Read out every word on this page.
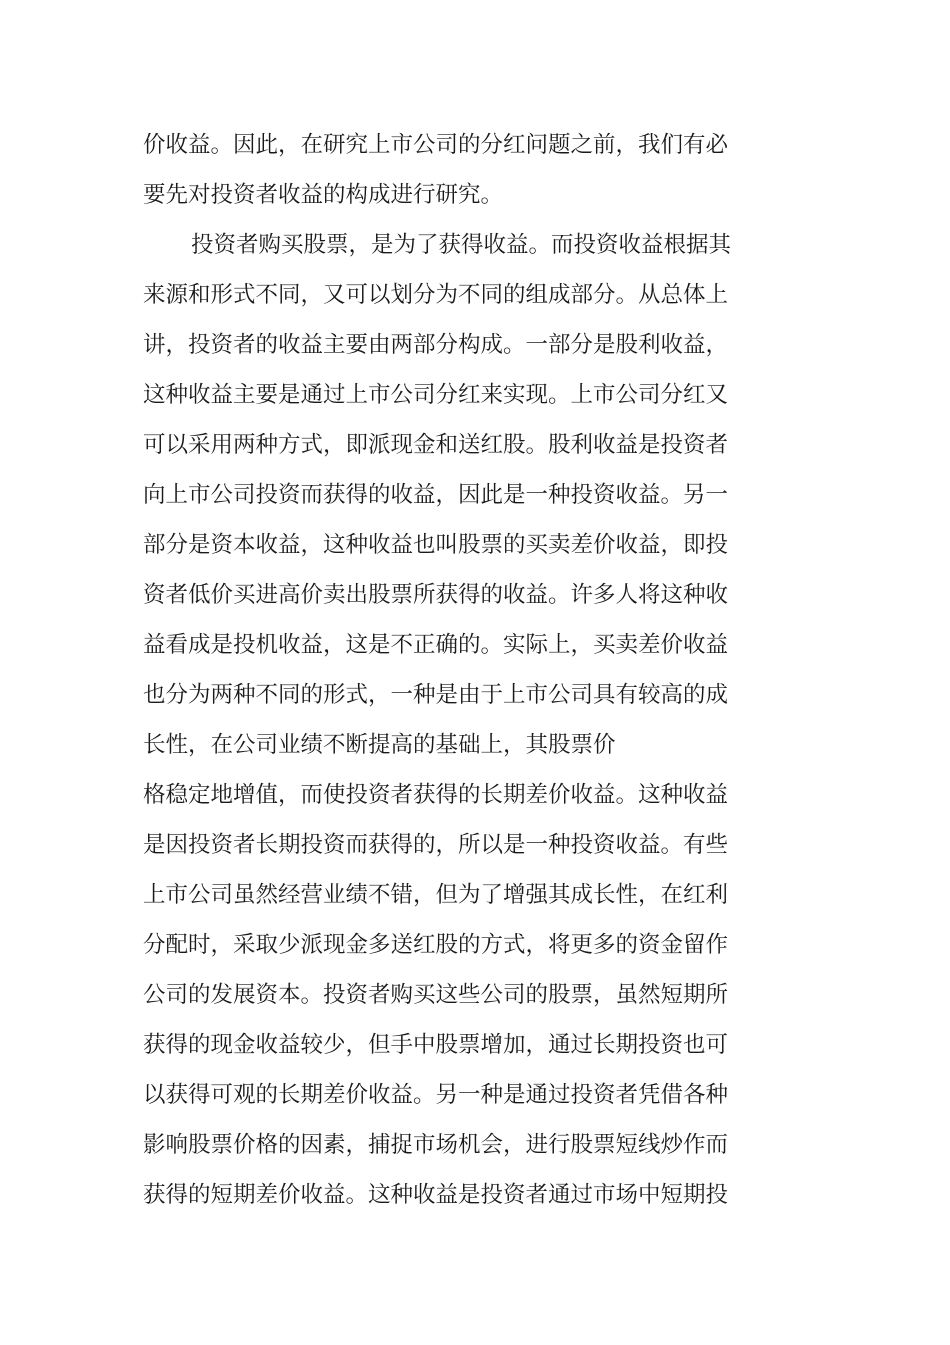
价收益。因此，在研究上市公司的分红问题之前，我们有必
要先对投资者收益的构成进行研究。
投资者购买股票，是为了获得收益。而投资收益根据其
来源和形式不同，又可以划分为不同的组成部分。从总体上
讲，投资者的收益主要由两部分构成。一部分是股利收益，
这种收益主要是通过上市公司分红来实现。上市公司分红又
可以采用两种方式，即派现金和送红股。股利收益是投资者
向上市公司投资而获得的收益，因此是一种投资收益。另一
部分是资本收益，这种收益也叫股票的买卖差价收益，即投
资者低价买进高价卖出股票所获得的收益。许多人将这种收
益看成是投机收益，这是不正确的。实际上，买卖差价收益
也分为两种不同的形式，一种是由于上市公司具有较高的成
长性，在公司业绩不断提高的基础上，其股票价
格稳定地增值，而使投资者获得的长期差价收益。这种收益
是因投资者长期投资而获得的，所以是一种投资收益。有些
上市公司虽然经营业绩不错，但为了增强其成长性，在红利
分配时，采取少派现金多送红股的方式，将更多的资金留作
公司的发展资本。投资者购买这些公司的股票，虽然短期所
获得的现金收益较少，但手中股票增加，通过长期投资也可
以获得可观的长期差价收益。另一种是通过投资者凭借各种
影响股票价格的因素，捕捉市场机会，进行股票短线炒作而
获得的短期差价收益。这种收益是投资者通过市场中短期投
